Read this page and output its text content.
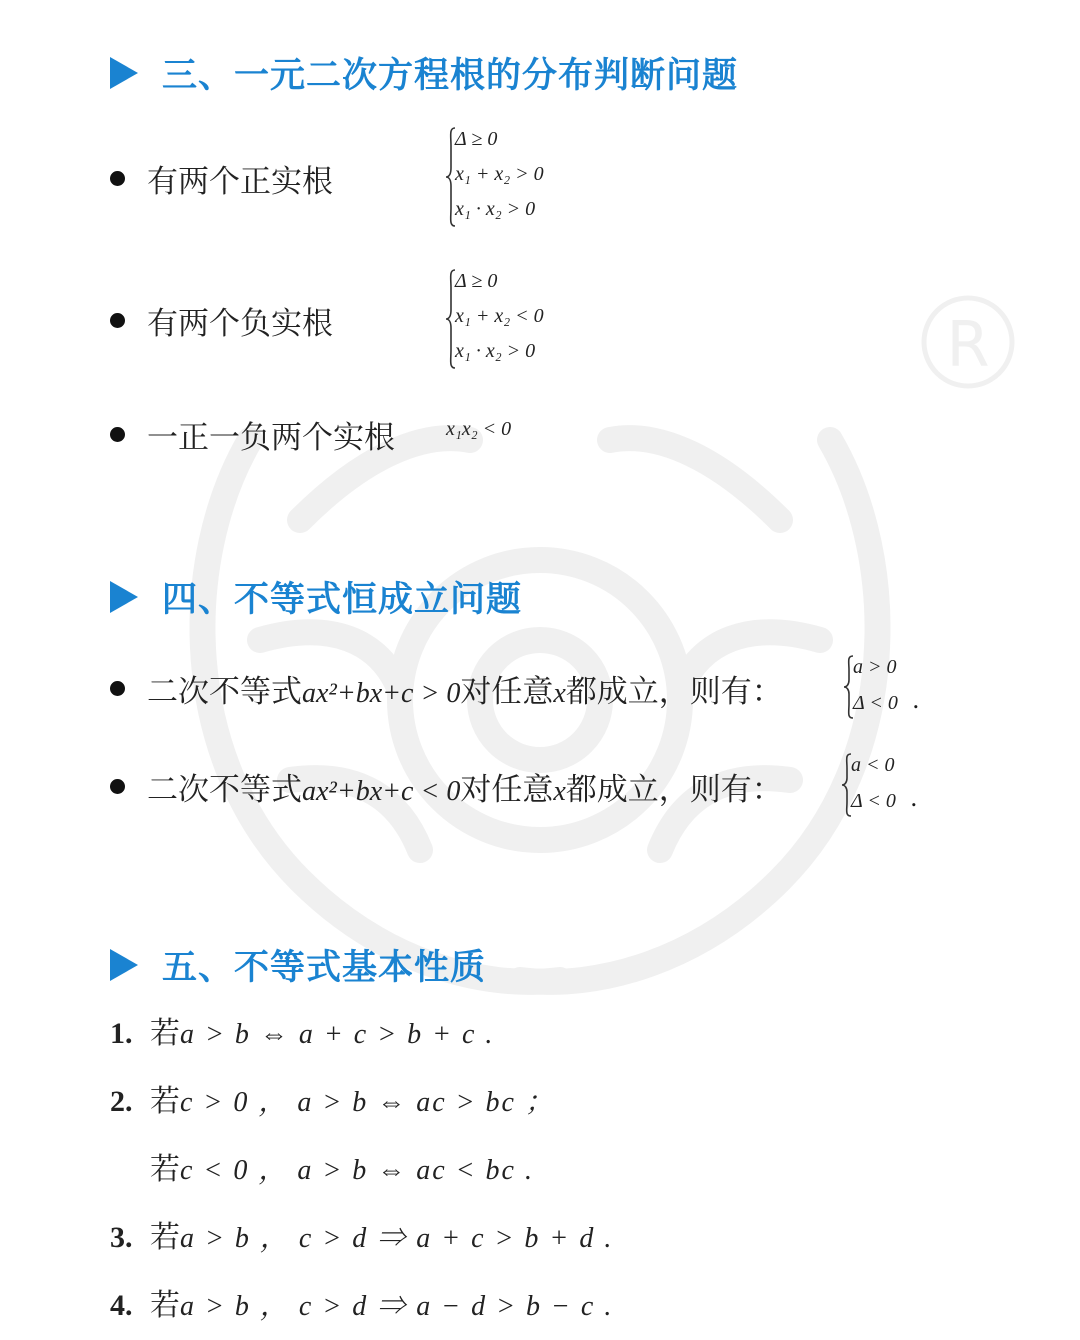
R
三、一元二次方程根的分布判断问题
有两个正实根
Δ ≥ 0
x₁ + x₂ > 0
x₁ · x₂ > 0
有两个负实根
Δ ≥ 0
x₁ + x₂ < 0
x₁ · x₂ > 0
一正一负两个实根	x₁x₂ < 0
四、不等式恒成立问题
二次不等式ax²+bx+c > 0对任意x都成立，则有：
a > 0
Δ < 0 .
二次不等式ax²+bx+c < 0对任意x都成立，则有：
a < 0
Δ < 0 .
五、不等式基本性质
1. 若a > b ⇔ a + c > b + c .
2. 若c > 0 ， a > b ⇔ ac > bc ；
若c < 0 ， a > b ⇔ ac < bc .
3. 若a > b ， c > d ⇒ a + c > b + d .
4. 若a > b ， c > d ⇒ a − d > b − c .
